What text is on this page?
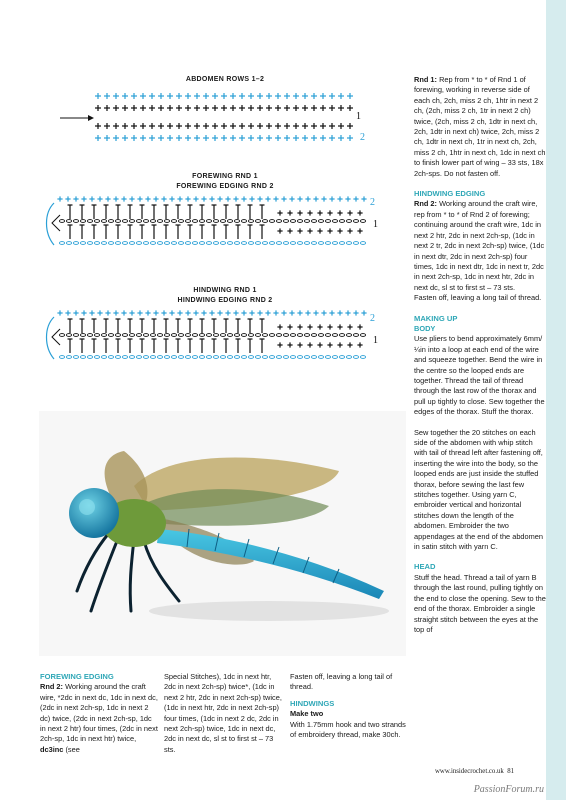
ABDOMEN ROWS 1–2
1
2
FOREWING RND 1
FOREWING EDGING RND 2
2
1
HINDWING RND 1
HINDWING EDGING RND 2
2
1

Rnd 1: Rep from * to * of Rnd 1 of forewing, working in reverse side of each ch, 2ch, miss 2 ch, 1htr in next 2 ch, (2ch, miss 2 ch, 1tr in next 2 ch) twice, (2ch, miss 2 ch, 1dtr in next ch, 2ch, 1dtr in next ch) twice, 2ch, miss 2 ch, 1dtr in next ch, 1tr in next ch, 2ch, miss 2 ch, 1htr in next ch, 1dc in next ch to finish lower part of wing – 33 sts, 18x 2ch-sps. Do not fasten off.

HINDWING EDGING

Rnd 2: Working around the craft wire, rep from * to * of Rnd 2 of forewing; continuing around the craft wire, 1dc in next 2 htr, 2dc in next 2ch-sp, (1dc in next 2 tr, 2dc in next 2ch-sp) twice, (1dc in next dtr, 2dc in next 2ch-sp) four times, 1dc in next dtr, 1dc in next tr, 2dc in next 2ch-sp, 1dc in next htr, 2dc in next dc, sl st to first st – 73 sts.

Fasten off, leaving a long tail of thread.

MAKING UP

BODY

Use pliers to bend approximately 6mm/¼in into a loop at each end of the wire and squeeze together. Bend the wire in the centre so the looped ends are together. Thread the tail of thread through the last row of the thorax and pull up tightly to close. Sew together the edges of the thorax. Stuff the thorax.

Sew together the 20 stitches on each side of the abdomen with whip stitch with tail of thread left after fastening off, inserting the wire into the body, so the looped ends are just inside the stuffed thorax, before sewing the last few stitches together. Using yarn C, embroider vertical and horizontal stitches down the length of the abdomen. Embroider the two appendages at the end of the abdomen in satin stitch with yarn C.

HEAD

Stuff the head. Thread a tail of yarn B through the last round, pulling tightly on the end to close the opening. Sew to the end of the thorax. Embroider a single straight stitch between the eyes at the top of

FOREWING EDGING

Rnd 2: Working around the craft wire, *2dc in next dc, 1dc in next dc, (2dc in next 2ch-sp, 1dc in next 2 dc) twice, (2dc in next 2ch-sp, 1dc in next 2 htr) four times, (2dc in next 2ch-sp, 1dc in next htr) twice, dc3inc (see

Special Stitches), 1dc in next htr, 2dc in next 2ch-sp) twice*, (1dc in next 2 htr, 2dc in next 2ch-sp) twice, (1dc in next htr, 2dc in next 2ch-sp) four times, (1dc in next 2 dc, 2dc in next 2ch-sp) twice, 1dc in next dc, 2dc in next dc, sl st to first st – 73 sts.

Fasten off, leaving a long tail of thread.

HINDWINGS

Make two

With 1.75mm hook and two strands of embroidery thread, make 30ch.

www.insidecrochet.co.uk 81
PassionForum.ru
